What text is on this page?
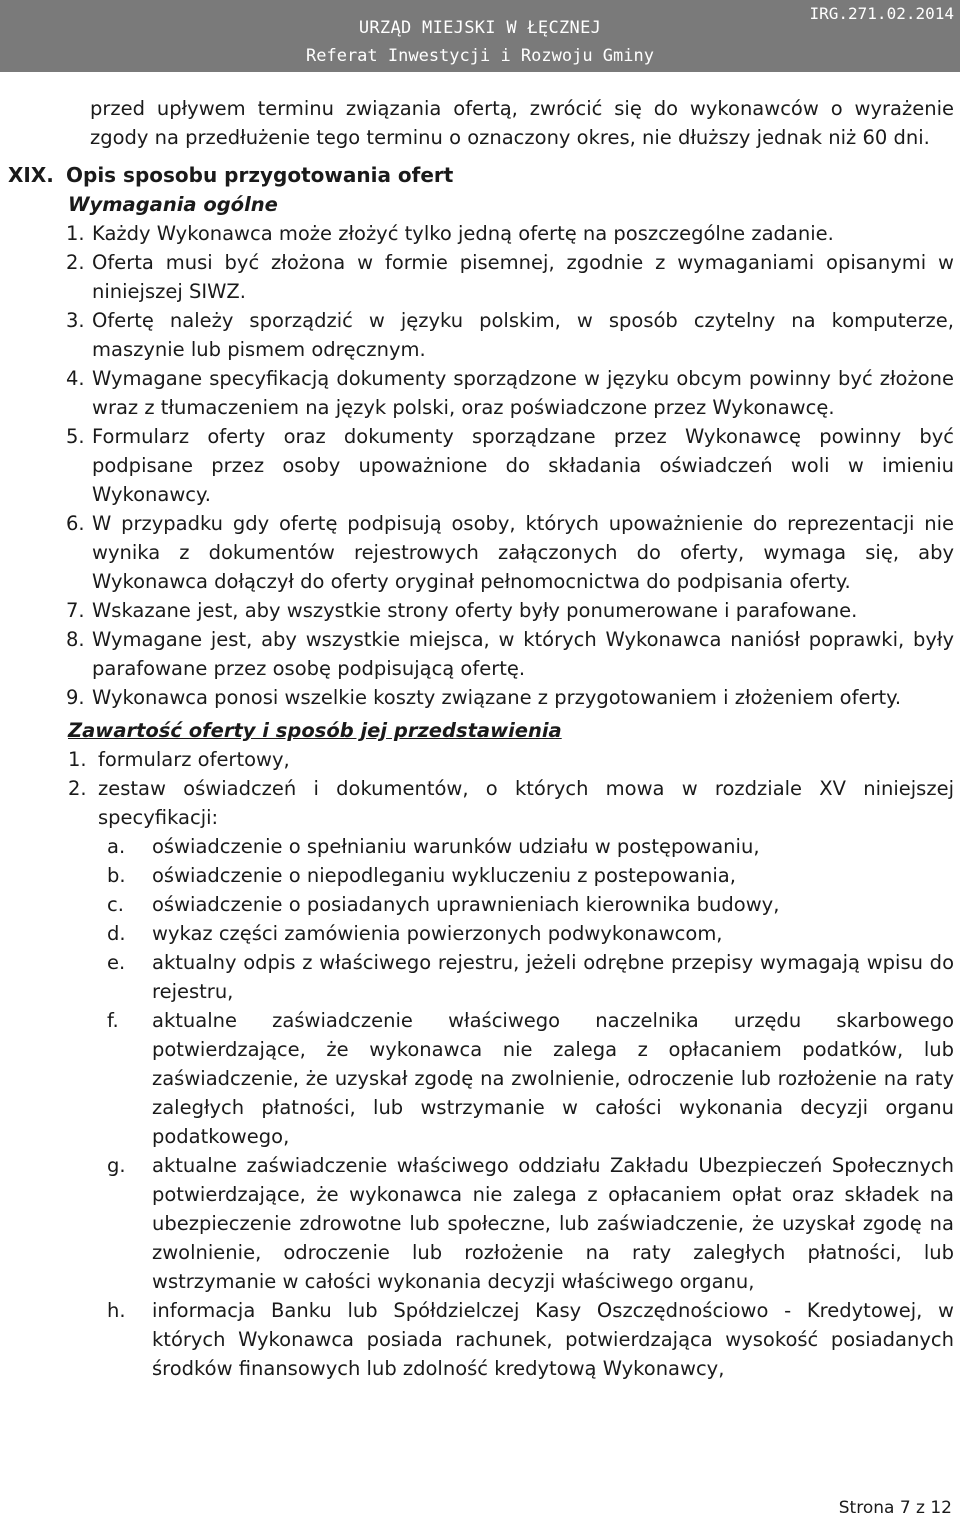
IRG.271.02.2014
URZĄD MIEJSKI W ŁĘCZNEJ
Referat Inwestycji i Rozwoju Gminy

przed upływem terminu związania ofertą, zwrócić się do wykonawców o wyrażenie zgody na przedłużenie tego terminu o oznaczony okres, nie dłuższy jednak niż 60 dni.

XIX. Opis sposobu przygotowania ofert
Wymagania ogólne
1. Każdy Wykonawca może złożyć tylko jedną ofertę na poszczególne zadanie.
2. Oferta musi być złożona w formie pisemnej, zgodnie z wymaganiami opisanymi w niniejszej SIWZ.
3. Ofertę należy sporządzić w języku polskim, w sposób czytelny na komputerze, maszynie lub pismem odręcznym.
4. Wymagane specyfikacją dokumenty sporządzone w języku obcym powinny być złożone wraz z tłumaczeniem na język polski, oraz poświadczone przez Wykonawcę.
5. Formularz oferty oraz dokumenty sporządzane przez Wykonawcę powinny być podpisane przez osoby upoważnione do składania oświadczeń woli w imieniu Wykonawcy.
6. W przypadku gdy ofertę podpisują osoby, których upoważnienie do reprezentacji nie wynika z dokumentów rejestrowych załączonych do oferty, wymaga się, aby Wykonawca dołączył do oferty oryginał pełnomocnictwa do podpisania oferty.
7. Wskazane jest, aby wszystkie strony oferty były ponumerowane i parafowane.
8. Wymagane jest, aby wszystkie miejsca, w których Wykonawca naniósł poprawki, były parafowane przez osobę podpisującą ofertę.
9. Wykonawca ponosi wszelkie koszty związane z przygotowaniem i złożeniem oferty.
Zawartość oferty i sposób jej przedstawienia
1. formularz ofertowy,
2. zestaw oświadczeń i dokumentów, o których mowa w rozdziale XV niniejszej specyfikacji:
a. oświadczenie o spełnianiu warunków udziału w postępowaniu,
b. oświadczenie o niepodleganiu wykluczeniu z postepowania,
c. oświadczenie o posiadanych uprawnieniach kierownika budowy,
d. wykaz części zamówienia powierzonych podwykonawcom,
e. aktualny odpis z właściwego rejestru, jeżeli odrębne przepisy wymagają wpisu do rejestru,
f. aktualne zaświadczenie właściwego naczelnika urzędu skarbowego potwierdzające, że wykonawca nie zalega z opłacaniem podatków, lub zaświadczenie, że uzyskał zgodę na zwolnienie, odroczenie lub rozłożenie na raty zaległych płatności, lub wstrzymanie w całości wykonania decyzji organu podatkowego,
g. aktualne zaświadczenie właściwego oddziału Zakładu Ubezpieczeń Społecznych potwierdzające, że wykonawca nie zalega z opłacaniem opłat oraz składek na ubezpieczenie zdrowotne lub społeczne, lub zaświadczenie, że uzyskał zgodę na zwolnienie, odroczenie lub rozłożenie na raty zaległych płatności, lub wstrzymanie w całości wykonania decyzji właściwego organu,
h. informacja Banku lub Spółdzielczej Kasy Oszczędnościowo - Kredytowej, w których Wykonawca posiada rachunek, potwierdzająca wysokość posiadanych środków finansowych lub zdolność kredytową Wykonawcy,
Strona 7 z 12
